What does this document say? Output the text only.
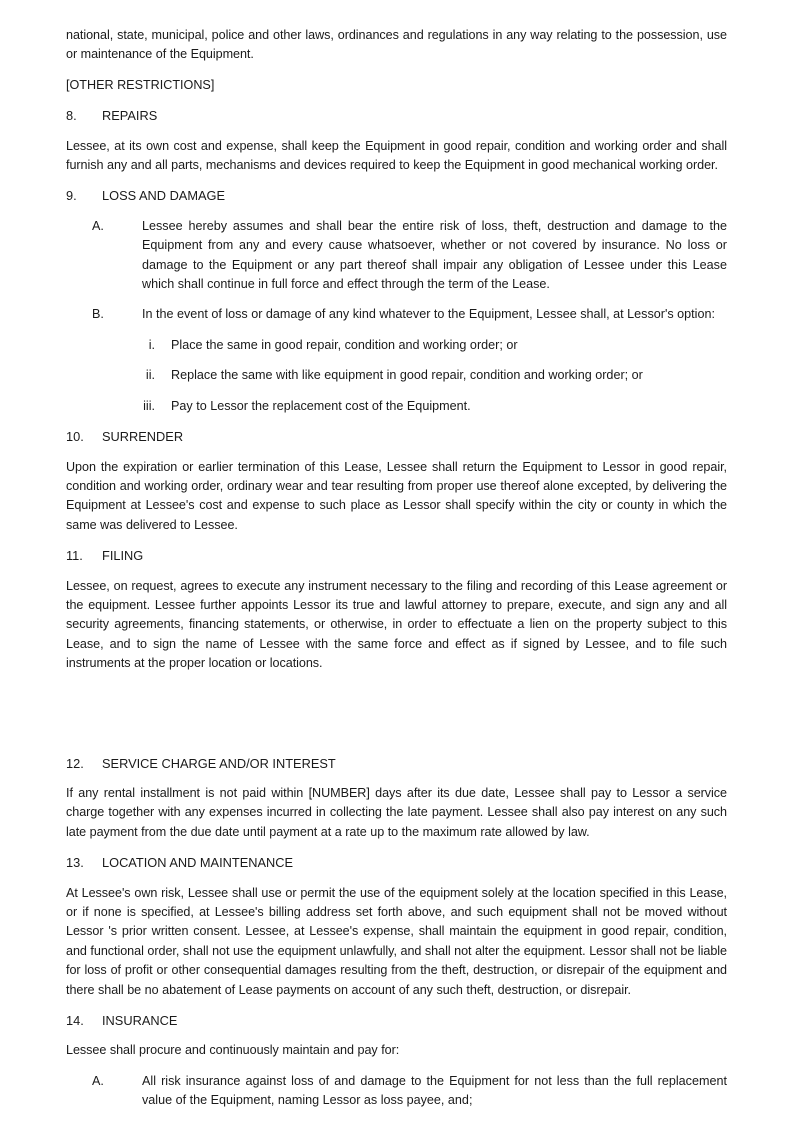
national, state, municipal, police and other laws, ordinances and regulations in any way relating to the possession, use or maintenance of the Equipment.

[OTHER RESTRICTIONS]

8.	REPAIRS

Lessee, at its own cost and expense, shall keep the Equipment in good repair, condition and working order and shall furnish any and all parts, mechanisms and devices required to keep the Equipment in good mechanical working order.

9.	LOSS AND DAMAGE
A.	Lessee hereby assumes and shall bear the entire risk of loss, theft, destruction and damage to the Equipment from any and every cause whatsoever, whether or not covered by insurance. No loss or damage to the Equipment or any part thereof shall impair any obligation of Lessee under this Lease which shall continue in full force and effect through the term of the Lease.
B.	In the event of loss or damage of any kind whatever to the Equipment, Lessee shall, at Lessor's option:
i. Place the same in good repair, condition and working order; or
ii. Replace the same with like equipment in good repair, condition and working order; or
iii. Pay to Lessor the replacement cost of the Equipment.
10.	SURRENDER

Upon the expiration or earlier termination of this Lease, Lessee shall return the Equipment to Lessor in good repair, condition and working order, ordinary wear and tear resulting from proper use thereof alone excepted, by delivering the Equipment at Lessee's cost and expense to such place as Lessor shall specify within the city or county in which the same was delivered to Lessee.

11.	FILING

Lessee, on request, agrees to execute any instrument necessary to the filing and recording of this Lease agreement or the equipment. Lessee further appoints Lessor its true and lawful attorney to prepare, execute, and sign any and all security agreements, financing statements, or otherwise, in order to effectuate a lien on the property subject to this Lease, and to sign the name of Lessee with the same force and effect as if signed by Lessee, and to file such instruments at the proper location or locations.

12.	SERVICE CHARGE AND/OR INTEREST

If any rental installment is not paid within [NUMBER] days after its due date, Lessee shall pay to Lessor a service charge together with any expenses incurred in collecting the late payment. Lessee shall also pay interest on any such late payment from the due date until payment at a rate up to the maximum rate allowed by law.

13.	LOCATION AND MAINTENANCE

At Lessee's own risk, Lessee shall use or permit the use of the equipment solely at the location specified in this Lease, or if none is specified, at Lessee's billing address set forth above, and such equipment shall not be moved without Lessor 's prior written consent. Lessee, at Lessee's expense, shall maintain the equipment in good repair, condition, and functional order, shall not use the equipment unlawfully, and shall not alter the equipment. Lessor shall not be liable for loss of profit or other consequential damages resulting from the theft, destruction, or disrepair of the equipment and there shall be no abatement of Lease payments on account of any such theft, destruction, or disrepair.

14.	INSURANCE

Lessee shall procure and continuously maintain and pay for:

A.	All risk insurance against loss of and damage to the Equipment for not less than the full replacement value of the Equipment, naming Lessor as loss payee, and;
